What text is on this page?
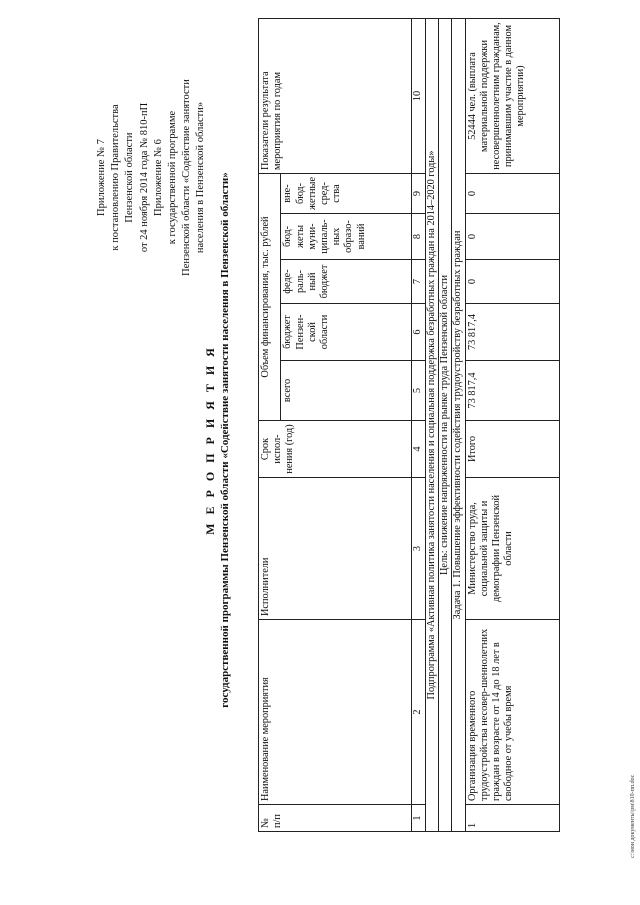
Приложение № 7 к постановлению Правительства Пензенской области от 24 ноября 2014 года № 810-пП Приложение № 6 к государственной программе Пензенской области «Содействие занятости населения в Пензенской области»
М Е Р О П Р И Я Т И Я государственной программы Пензенской области «Содействие занятости населения в Пензенской области»
№ п/п	Наименование мероприятия	Исполнители	Срок испол-нения (год)	Объем финансирования, тыс. рублей					Показатели результата мероприятия по годам
				всего	бюджет Пензен-ской области	феде-раль-ный бюджет	бюд-жеты муни-ципаль-ных образо-ваний	вне-бюд-жетные сред-ства	
1	2	3	4	5	6	7	8	9	10
Подпрограмма «Активная политика занятости населения и социальная поддержка безработных граждан на 2014–2020 годы»									
Цель: снижение напряженности на рынке труда Пензенской области									
Задача 1. Повышение эффективности содействия трудоустройству безработных граждан									
1	Организация временного трудоустройства несовер-шеннолетних граждан в возрасте от 14 до 18 лет в свободное от учебы время	Министерство труда, социальной защиты и демографии Пензенской области	Итого	73 817,4	73 817,4	0	0	0	52444 чел. (выплата материальной поддержки несовершеннолетним гражданам, принимавшим участие в данном мероприятии)
c:\мои документы\рм\810-пп.doc
